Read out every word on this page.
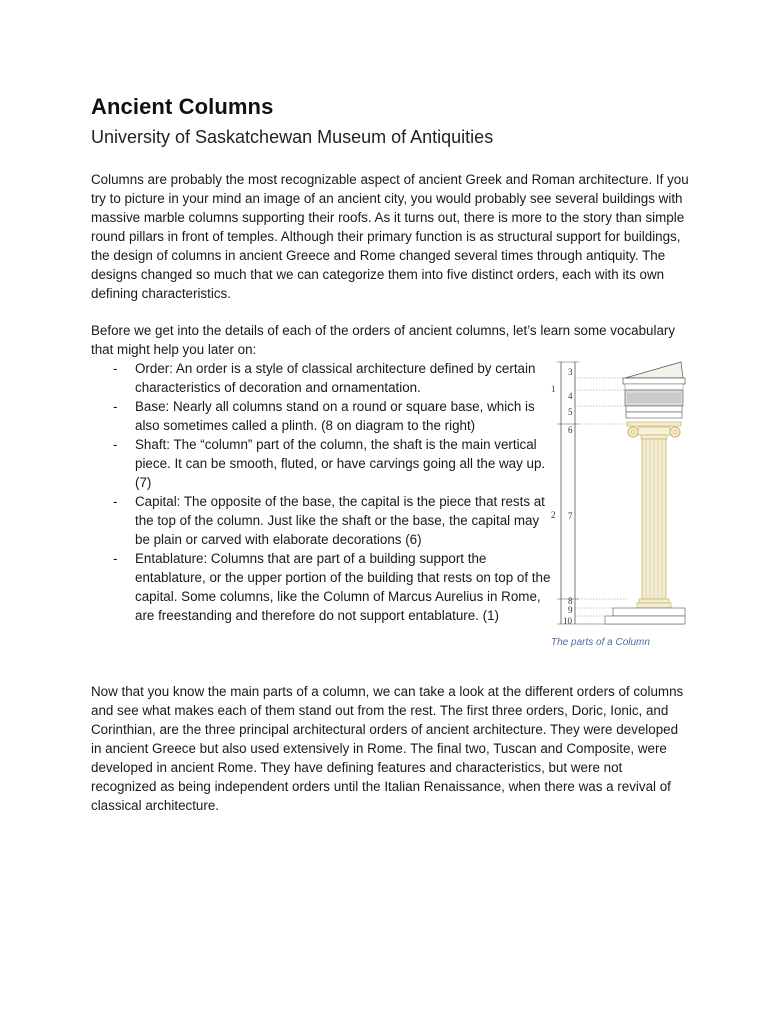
Ancient Columns
University of Saskatchewan Museum of Antiquities

Columns are probably the most recognizable aspect of ancient Greek and Roman architecture. If you try to picture in your mind an image of an ancient city, you would probably see several buildings with massive marble columns supporting their roofs. As it turns out, there is more to the story than simple round pillars in front of temples. Although their primary function is as structural support for buildings, the design of columns in ancient Greece and Rome changed several times through antiquity. The designs changed so much that we can categorize them into five distinct orders, each with its own defining characteristics.

Before we get into the details of each of the orders of ancient columns, let’s learn some vocabulary that might help you later on:

- Order: An order is a style of classical architecture defined by certain characteristics of decoration and ornamentation.
- Base: Nearly all columns stand on a round or square base, which is also sometimes called a plinth. (8 on diagram to the right)
- Shaft: The “column” part of the column, the shaft is the main vertical piece. It can be smooth, fluted, or have carvings going all the way up. (7)
- Capital: The opposite of the base, the capital is the piece that rests at the top of the column. Just like the shaft or the base, the capital may be plain or carved with elaborate decorations (6)
- Entablature: Columns that are part of a building support the entablature, or the upper portion of the building that rests on top of the capital. Some columns, like the Column of Marcus Aurelius in Rome, are freestanding and therefore do not support entablature. (1)
1
2
3
4
5
6
7
8
9
10

The parts of a Column

Now that you know the main parts of a column, we can take a look at the different orders of columns and see what makes each of them stand out from the rest. The first three orders, Doric, Ionic, and Corinthian, are the three principal architectural orders of ancient architecture. They were developed in ancient Greece but also used extensively in Rome. The final two, Tuscan and Composite, were developed in ancient Rome. They have defining features and characteristics, but were not recognized as being independent orders until the Italian Renaissance, when there was a revival of classical architecture.
